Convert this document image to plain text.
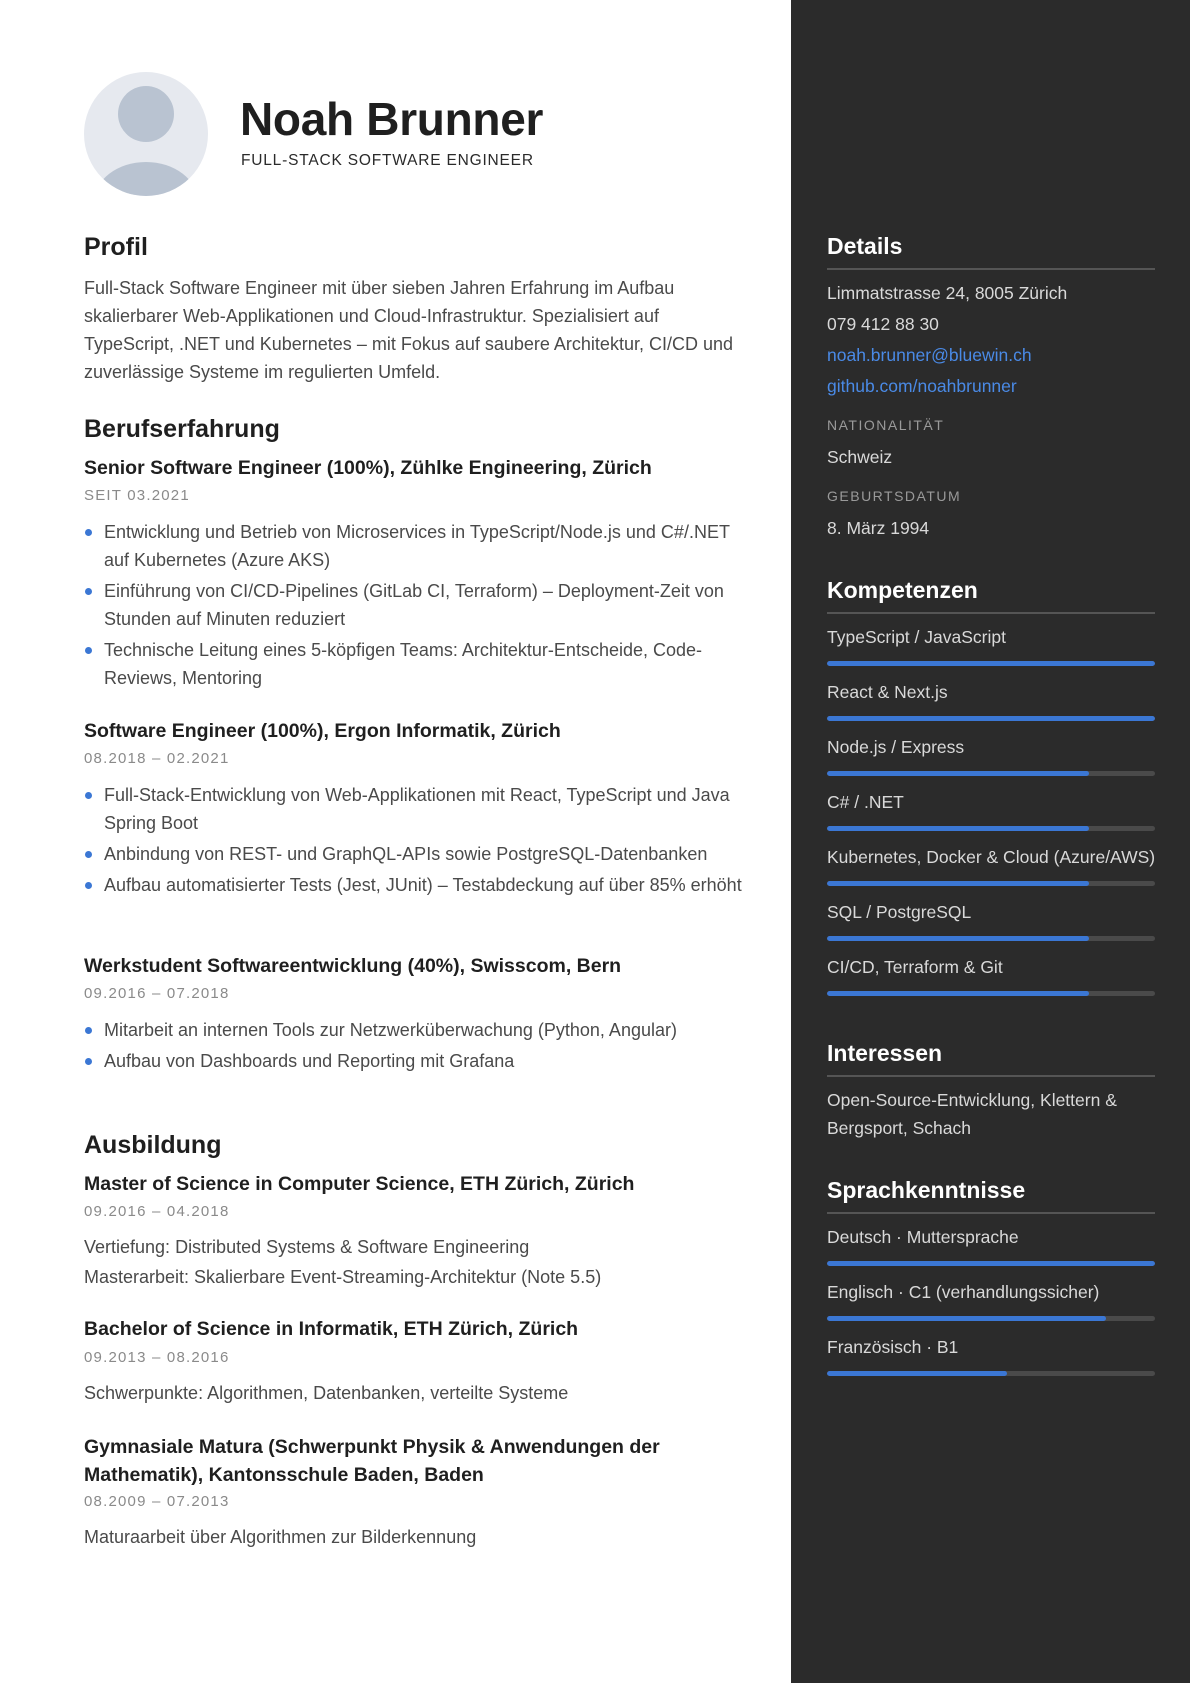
Noah Brunner
FULL-STACK SOFTWARE ENGINEER
Profil
Full-Stack Software Engineer mit über sieben Jahren Erfahrung im Aufbau skalierbarer Web-Applikationen und Cloud-Infrastruktur. Spezialisiert auf TypeScript, .NET und Kubernetes – mit Fokus auf saubere Architektur, CI/CD und zuverlässige Systeme im regulierten Umfeld.
Berufserfahrung
Senior Software Engineer (100%), Zühlke Engineering, Zürich
SEIT 03.2021
Entwicklung und Betrieb von Microservices in TypeScript/Node.js und C#/.NET auf Kubernetes (Azure AKS)
Einführung von CI/CD-Pipelines (GitLab CI, Terraform) – Deployment-Zeit von Stunden auf Minuten reduziert
Technische Leitung eines 5-köpfigen Teams: Architektur-Entscheide, Code-Reviews, Mentoring
Software Engineer (100%), Ergon Informatik, Zürich
08.2018 – 02.2021
Full-Stack-Entwicklung von Web-Applikationen mit React, TypeScript und Java Spring Boot
Anbindung von REST- und GraphQL-APIs sowie PostgreSQL-Datenbanken
Aufbau automatisierter Tests (Jest, JUnit) – Testabdeckung auf über 85% erhöht
Werkstudent Softwareentwicklung (40%), Swisscom, Bern
09.2016 – 07.2018
Mitarbeit an internen Tools zur Netzwerküberwachung (Python, Angular)
Aufbau von Dashboards und Reporting mit Grafana
Ausbildung
Master of Science in Computer Science, ETH Zürich, Zürich
09.2016 – 04.2018
Vertiefung: Distributed Systems & Software Engineering
Masterarbeit: Skalierbare Event-Streaming-Architektur (Note 5.5)
Bachelor of Science in Informatik, ETH Zürich, Zürich
09.2013 – 08.2016
Schwerpunkte: Algorithmen, Datenbanken, verteilte Systeme
Gymnasiale Matura (Schwerpunkt Physik & Anwendungen der Mathematik), Kantonsschule Baden, Baden
08.2009 – 07.2013
Maturaarbeit über Algorithmen zur Bilderkennung
Details
Limmatstrasse 24, 8005 Zürich
079 412 88 30
noah.brunner@bluewin.ch
github.com/noahbrunner
NATIONALITÄT
Schweiz
GEBURTSDATUM
8. März 1994
Kompetenzen
TypeScript / JavaScript
React & Next.js
Node.js / Express
C# / .NET
Kubernetes, Docker & Cloud (Azure/AWS)
SQL / PostgreSQL
CI/CD, Terraform & Git
Interessen
Open-Source-Entwicklung, Klettern & Bergsport, Schach
Sprachkenntnisse
Deutsch · Muttersprache
Englisch · C1 (verhandlungssicher)
Französisch · B1
